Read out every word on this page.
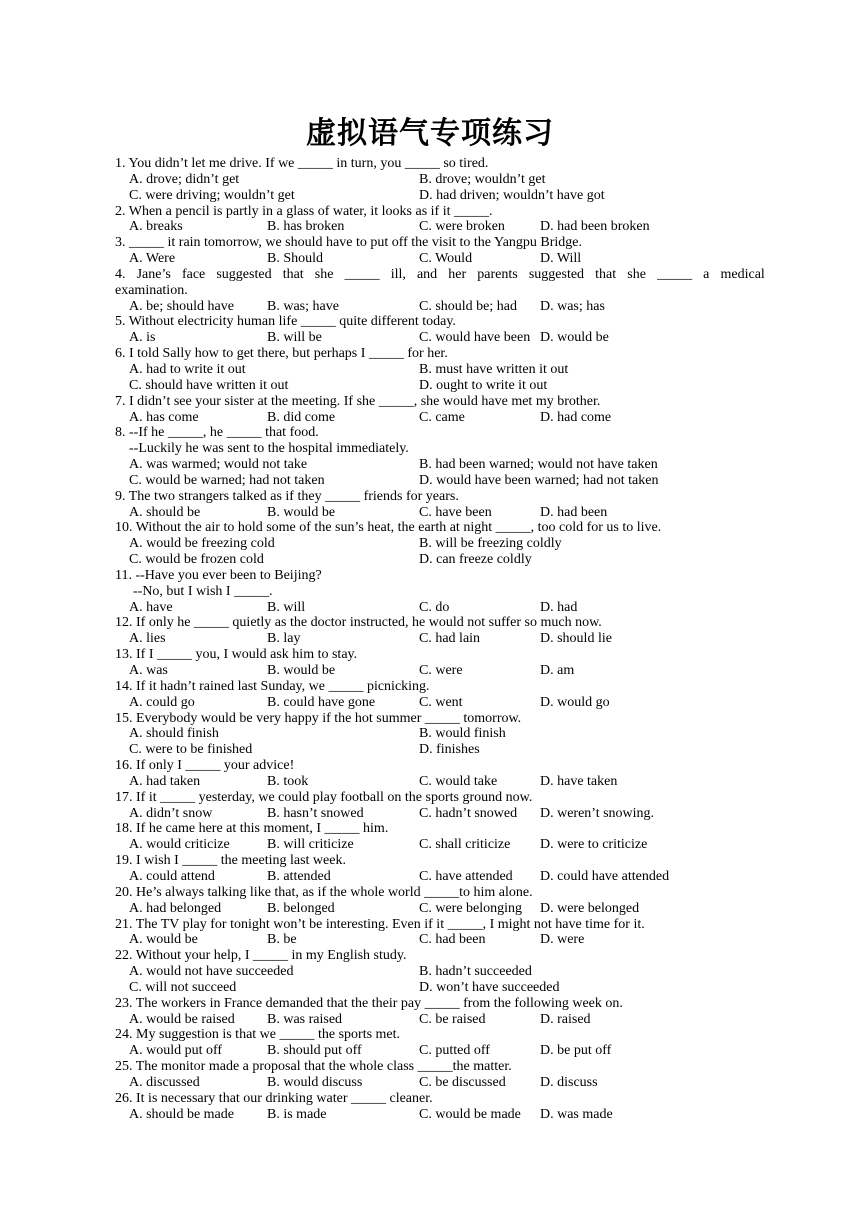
虚拟语气专项练习
1. You didn’t let me drive. If we _____ in turn, you _____ so tired.
A. drove; didn’t get	B. drove; wouldn’t get
C. were driving; wouldn’t get	D. had driven; wouldn’t have got
2. When a pencil is partly in a glass of water, it looks as if it _____.
A. breaks	B. has broken	C. were broken	D. had been broken
3. _____ it rain tomorrow, we should have to put off the visit to the Yangpu Bridge.
A. Were	B. Should	C. Would	D. Will
4. Jane’s face suggested that she _____ ill, and her parents suggested that she _____ a medical
examination.
A. be; should have B. was; have	C. should be; had D. was; has
5. Without electricity human life _____ quite different today.
A. is	B. will be	C. would have been D. would be
6. I told Sally how to get there, but perhaps I _____ for her.
A. had to write it out	B. must have written it out
C. should have written it out	D. ought to write it out
7. I didn’t see your sister at the meeting. If she _____, she would have met my brother.
A. has come	B. did come	C. came	D. had come
8. --If he _____, he _____ that food.
--Luckily he was sent to the hospital immediately.
A. was warmed; would not take	B. had been warned; would not have taken
C. would be warned; had not taken	D. would have been warned; had not taken
9. The two strangers talked as if they _____ friends for years.
A. should be	B. would be	C. have been	D. had been
10. Without the air to hold some of the sun’s heat, the earth at night _____, too cold for us to live.
A. would be freezing cold	B. will be freezing coldly
C. would be frozen cold	D. can freeze coldly
11. --Have you ever been to Beijing?
--No, but I wish I _____.
A. have	B. will	C. do	D. had
12. If only he _____ quietly as the doctor instructed, he would not suffer so much now.
A. lies	B. lay	C. had lain	D. should lie
13. If I _____ you, I would ask him to stay.
A. was	B. would be	C. were	D. am
14. If it hadn’t rained last Sunday, we _____ picnicking.
A. could go	B. could have gone	C. went	D. would go
15. Everybody would be very happy if the hot summer _____ tomorrow.
A. should finish	B. would finish
C. were to be finished	D. finishes
16. If only I _____ your advice!
A. had taken	B. took	C. would take	D. have taken
17. If it _____ yesterday, we could play football on the sports ground now.
A. didn’t snow	B. hasn’t snowed	C. hadn’t snowed D. weren’t snowing.
18. If he came here at this moment, I _____ him.
A. would criticize	B. will criticize	C. shall criticize D. were to criticize
19. I wish I _____ the meeting last week.
A. could attend	B. attended	C. have attended D. could have attended
20. He’s always talking like that, as if the whole world _____to him alone.
A. had belonged	B. belonged	C. were belonging D. were belonged
21. The TV play for tonight won’t be interesting. Even if it _____, I might not have time for it.
A. would be	B. be	C. had been	D. were
22. Without your help, I _____ in my English study.
A. would not have succeeded	B. hadn’t succeeded
C. will not succeed	D. won’t have succeeded
23. The workers in France demanded that the their pay _____ from the following week on.
A. would be raised B. was raised	C. be raised	D. raised
24. My suggestion is that we _____ the sports met.
A. would put off	B. should put off	C. putted off	D. be put off
25. The monitor made a proposal that the whole class _____the matter.
A. discussed	B. would discuss	C. be discussed D. discuss
26. It is necessary that our drinking water _____ cleaner.
A. should be made B. is made	C. would be made D. was made
